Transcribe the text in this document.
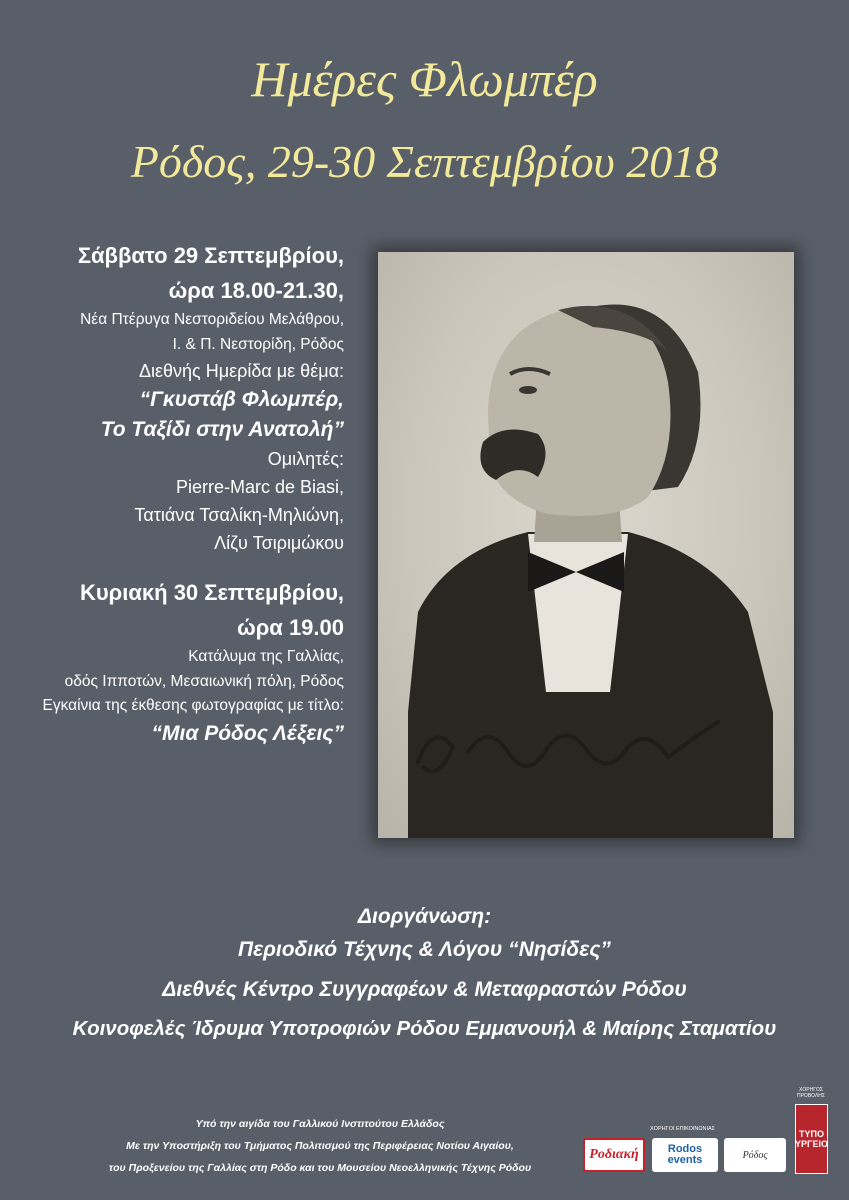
Ημέρες Φλωμπέρ
Ρόδος, 29-30 Σεπτεμβρίου 2018
Σάββατο 29 Σεπτεμβρίου,
ώρα 18.00-21.30,
Νέα Πτέρυγα Νεστοριδείου Μελάθρου,
Ι. & Π. Νεστορίδη, Ρόδος
Διεθνής Ημερίδα με θέμα:
“Γκυστάβ Φλωμπέρ,
Το Ταξίδι στην Ανατολή”
Ομιλητές:
Pierre-Marc de Biasi,
Τατιάνα Τσαλίκη-Μηλιώνη,
Λίζυ Τσιριμώκου
Κυριακή 30 Σεπτεμβρίου,
ώρα 19.00
Κατάλυμα της Γαλλίας,
οδός Ιπποτών, Μεσαιωνική πόλη, Ρόδος
Εγκαίνια της έκθεσης φωτογραφίας με τίτλο:
“Μια Ρόδος Λέξεις”
Διοργάνωση:
Περιοδικό Τέχνης & Λόγου “Νησίδες”
Διεθνές Κέντρο Συγγραφέων & Μεταφραστών Ρόδου
Κοινοφελές Ίδρυμα Υποτροφιών Ρόδου Εμμανουήλ & Μαίρης Σταματίου
Υπό την αιγίδα του Γαλλικού Ινστιτούτου Ελλάδος
Με την Υποστήριξη του Τμήματος Πολιτισμού της Περιφέρειας Νοτίου Αιγαίου,
του Προξενείου της Γαλλίας στη Ρόδο και του Μουσείου Νεοελληνικής Τέχνης Ρόδου
ΧΟΡΗΓΟΙ ΕΠΙΚΟΙΝΩΝΙΑΣ
Ροδιακή	Rodos events	Ρόδος
ΧΟΡΗΓΟΣ ΠΡΟΒΟΛΗΣ
ΤΥΠΟ ΥΡΓΕΙΟ
